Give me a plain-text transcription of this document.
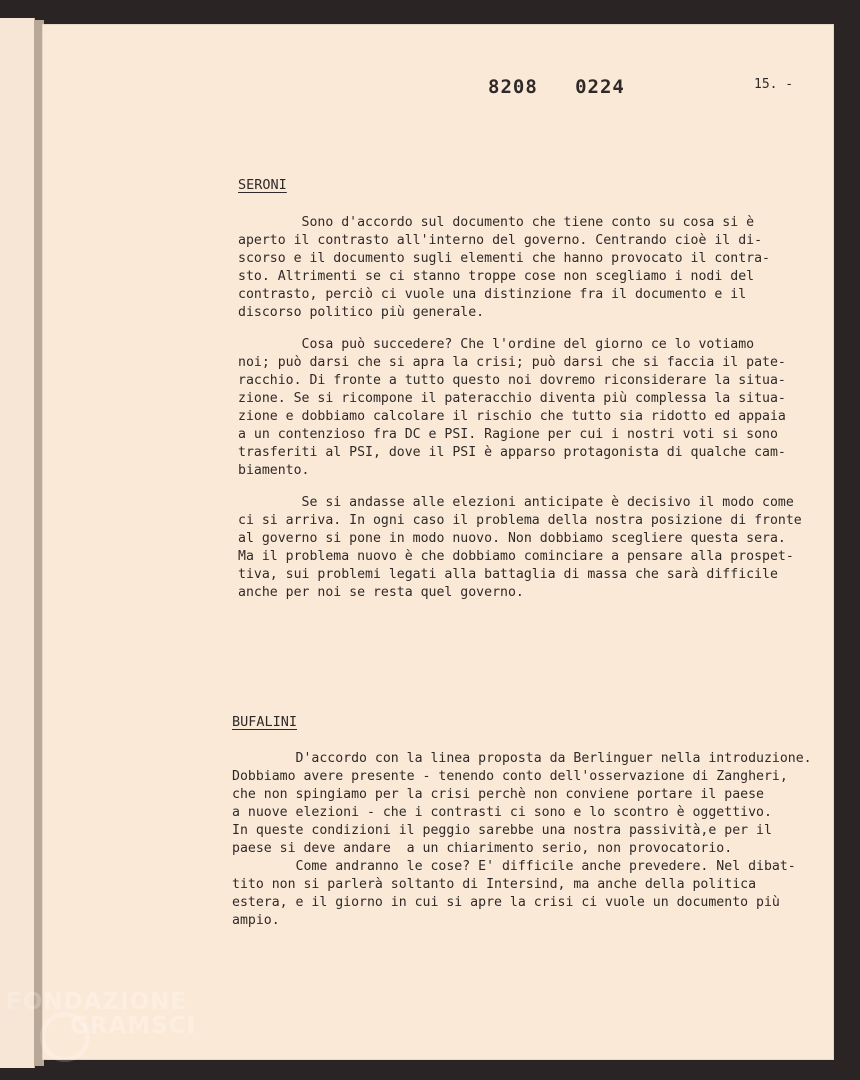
8208   0224	15. -
SERONI

Sono d'accordo sul documento che tiene conto su cosa si è
aperto il contrasto all'interno del governo. Centrando cioè il di-
scorso e il documento sugli elementi che hanno provocato il contra-
sto. Altrimenti se ci stanno troppe cose non scegliamo i nodi del
contrasto, perciò ci vuole una distinzione fra il documento e il
discorso politico più generale.

Cosa può succedere? Che l'ordine del giorno ce lo votiamo
noi; può darsi che si apra la crisi; può darsi che si faccia il pate-
racchio. Di fronte a tutto questo noi dovremo riconsiderare la situa-
zione. Se si ricompone il pateracchio diventa più complessa la situa-
zione e dobbiamo calcolare il rischio che tutto sia ridotto ed appaia
a un contenzioso fra DC e PSI. Ragione per cui i nostri voti si sono
trasferiti al PSI, dove il PSI è apparso protagonista di qualche cam-
biamento.

Se si andasse alle elezioni anticipate è decisivo il modo come
ci si arriva. In ogni caso il problema della nostra posizione di fronte
al governo si pone in modo nuovo. Non dobbiamo scegliere questa sera.
Ma il problema nuovo è che dobbiamo cominciare a pensare alla prospet-
tiva, sui problemi legati alla battaglia di massa che sarà difficile
anche per noi se resta quel governo.

BUFALINI

D'accordo con la linea proposta da Berlinguer nella introduzione.
Dobbiamo avere presente - tenendo conto dell'osservazione di Zangheri,
che non spingiamo per la crisi perchè non conviene portare il paese
a nuove elezioni - che i contrasti ci sono e lo scontro è oggettivo.
In queste condizioni il peggio sarebbe una nostra passività,e per il
paese si deve andare  a un chiarimento serio, non provocatorio.
Come andranno le cose? E' difficile anche prevedere. Nel dibat-
tito non si parlerà soltanto di Intersind, ma anche della politica
estera, e il giorno in cui si apre la crisi ci vuole un documento più
ampio.

FONDAZIONE
GRAMSCI
